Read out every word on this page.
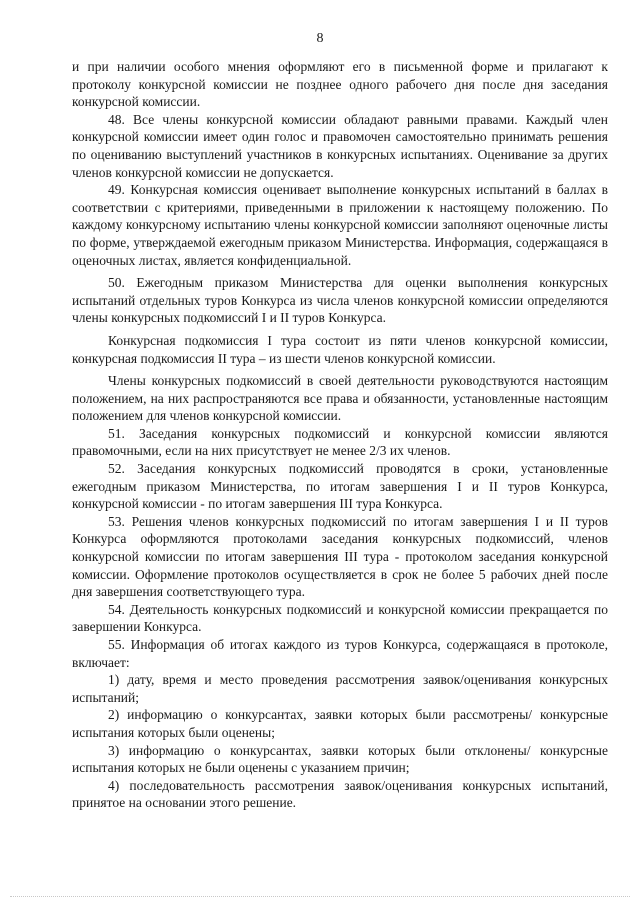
8

и при наличии особого мнения оформляют его в письменной форме и прилагают к протоколу конкурсной комиссии не позднее одного рабочего дня после дня заседания конкурсной комиссии.

48. Все члены конкурсной комиссии обладают равными правами. Каждый член конкурсной комиссии имеет один голос и правомочен самостоятельно принимать решения по оцениванию выступлений участников в конкурсных испытаниях. Оценивание за других членов конкурсной комиссии не допускается.

49. Конкурсная комиссия оценивает выполнение конкурсных испытаний в баллах в соответствии с критериями, приведенными в приложении к настоящему положению. По каждому конкурсному испытанию члены конкурсной комиссии заполняют оценочные листы по форме, утверждаемой ежегодным приказом Министерства. Информация, содержащаяся в оценочных листах, является конфиденциальной.

50. Ежегодным приказом Министерства для оценки выполнения конкурсных испытаний отдельных туров Конкурса из числа членов конкурсной комиссии определяются члены конкурсных подкомиссий I и II туров Конкурса.

Конкурсная подкомиссия I тура состоит из пяти членов конкурсной комиссии, конкурсная подкомиссия II тура – из шести членов конкурсной комиссии.

Члены конкурсных подкомиссий в своей деятельности руководствуются настоящим положением, на них распространяются все права и обязанности, установленные настоящим положением для членов конкурсной комиссии.

51. Заседания конкурсных подкомиссий и конкурсной комиссии являются правомочными, если на них присутствует не менее 2/3 их членов.

52. Заседания конкурсных подкомиссий проводятся в сроки, установленные ежегодным приказом Министерства, по итогам завершения I и II туров Конкурса, конкурсной комиссии - по итогам завершения III тура Конкурса.

53. Решения членов конкурсных подкомиссий по итогам завершения I и II туров Конкурса оформляются протоколами заседания конкурсных подкомиссий, членов конкурсной комиссии по итогам завершения III тура - протоколом заседания конкурсной комиссии. Оформление протоколов осуществляется в срок не более 5 рабочих дней после дня завершения соответствующего тура.

54. Деятельность конкурсных подкомиссий и конкурсной комиссии прекращается по завершении Конкурса.

55. Информация об итогах каждого из туров Конкурса, содержащаяся в протоколе, включает:

1) дату, время и место проведения рассмотрения заявок/оценивания конкурсных испытаний;

2) информацию о конкурсантах, заявки которых были рассмотрены/ конкурсные испытания которых были оценены;

3) информацию о конкурсантах, заявки которых были отклонены/ конкурсные испытания которых не были оценены с указанием причин;

4) последовательность рассмотрения заявок/оценивания конкурсных испытаний, принятое на основании этого решение.
